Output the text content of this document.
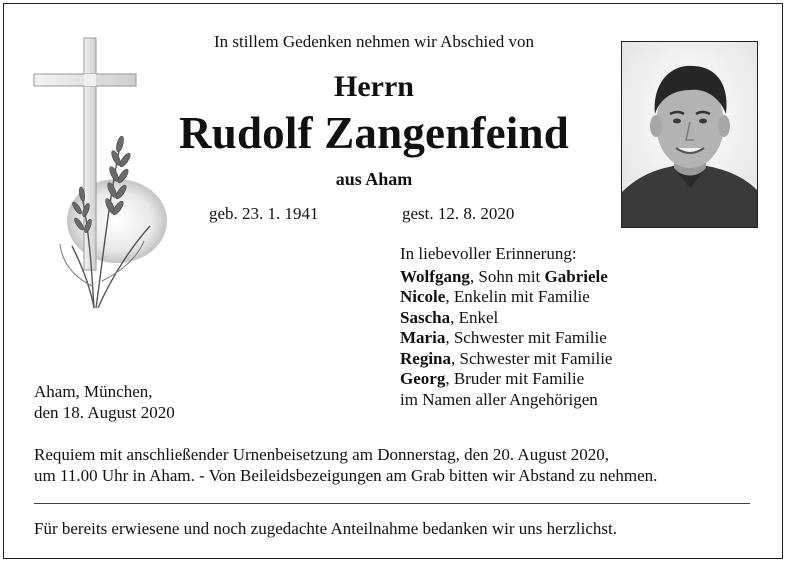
In stillem Gedenken nehmen wir Abschied von
Herrn
Rudolf Zangenfeind
aus Aham
geb. 23. 1. 1941	gest. 12. 8. 2020
In liebevoller Erinnerung:
Wolfgang, Sohn mit Gabriele
Nicole, Enkelin mit Familie
Sascha, Enkel
Maria, Schwester mit Familie
Regina, Schwester mit Familie
Georg, Bruder mit Familie
im Namen aller Angehörigen
Aham, München,
den 18. August 2020
Requiem mit anschließender Urnenbeisetzung am Donnerstag, den 20. August 2020,
um 11.00 Uhr in Aham. - Von Beileidsbezeigungen am Grab bitten wir Abstand zu nehmen.
Für bereits erwiesene und noch zugedachte Anteilnahme bedanken wir uns herzlichst.
